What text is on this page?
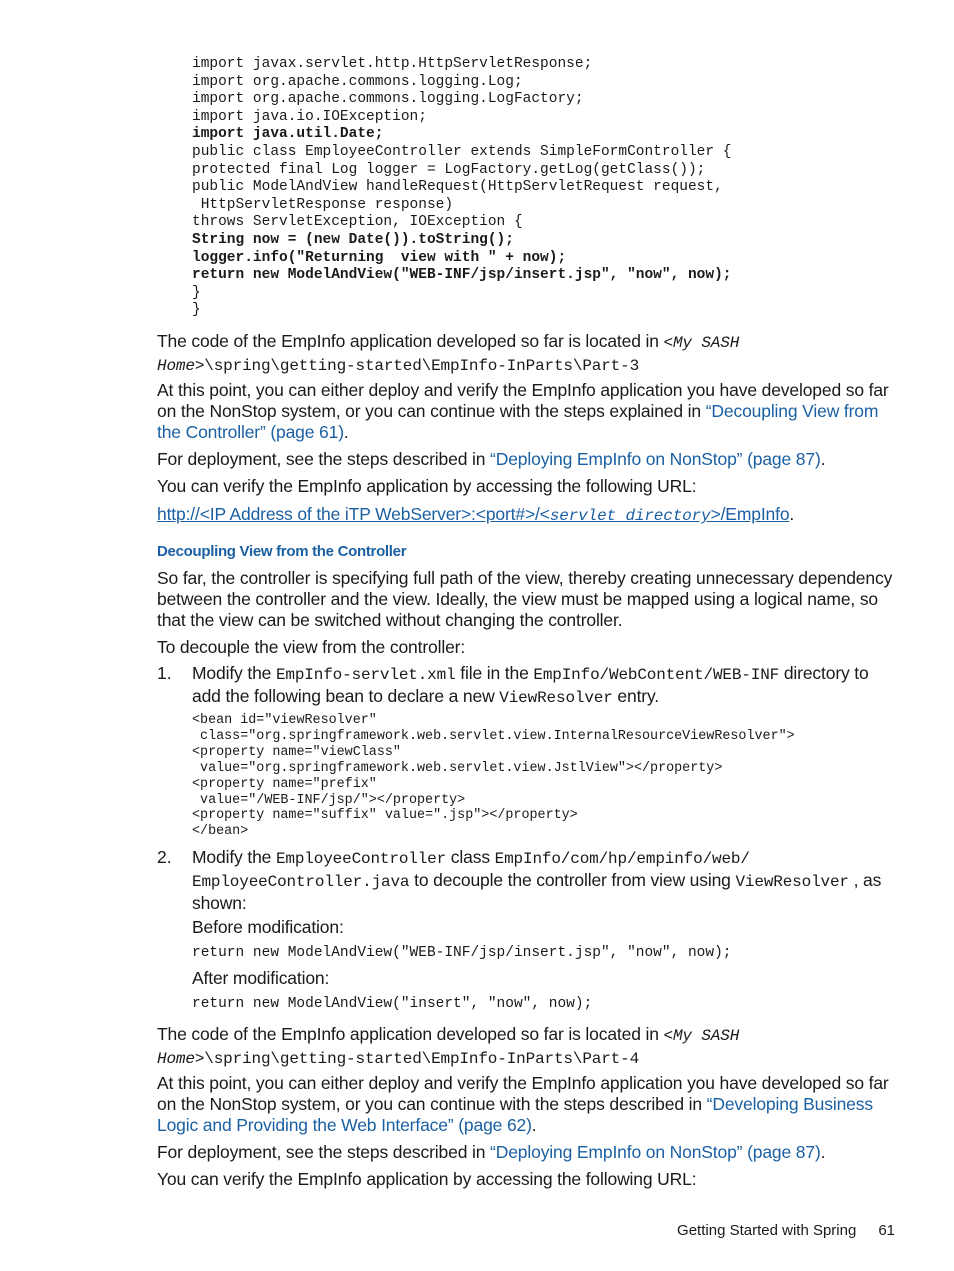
import javax.servlet.http.HttpServletResponse;
import org.apache.commons.logging.Log;
import org.apache.commons.logging.LogFactory;
import java.io.IOException;
import java.util.Date;
public class EmployeeController extends SimpleFormController {
protected final Log logger = LogFactory.getLog(getClass());
public ModelAndView handleRequest(HttpServletRequest request,
HttpServletResponse response)
throws ServletException, IOException {
String now = (new Date()).toString();
logger.info("Returning  view with " + now);
return new ModelAndView("WEB-INF/jsp/insert.jsp", "now", now);
}
}

The code of the EmpInfo application developed so far is located in <My SASH Home>\spring\getting-started\EmpInfo-InParts\Part-3

At this point, you can either deploy and verify the EmpInfo application you have developed so far on the NonStop system, or you can continue with the steps explained in “Decoupling View from the Controller” (page 61).

For deployment, see the steps described in “Deploying EmpInfo on NonStop” (page 87).

You can verify the EmpInfo application by accessing the following URL:

http://<IP Address of the iTP WebServer>:<port#>/<servlet directory>/EmpInfo.

Decoupling View from the Controller

So far, the controller is specifying full path of the view, thereby creating unnecessary dependency between the controller and the view. Ideally, the view must be mapped using a logical name, so that the view can be switched without changing the controller.

To decouple the view from the controller:

1. Modify the EmpInfo-servlet.xml file in the EmpInfo/WebContent/WEB-INF directory to add the following bean to declare a new ViewResolver entry.

<bean id="viewResolver"
class="org.springframework.web.servlet.view.InternalResourceViewResolver">
<property name="viewClass"
value="org.springframework.web.servlet.view.JstlView"></property>
<property name="prefix"
value="/WEB-INF/jsp/"></property>
<property name="suffix" value=".jsp"></property>
</bean>
2. Modify the EmployeeController class EmpInfo/com/hp/empinfo/web/ EmployeeController.java to decouple the controller from view using ViewResolver , as shown:

Before modification:

return new ModelAndView("WEB-INF/jsp/insert.jsp", "now", now);

After modification:

return new ModelAndView("insert", "now", now);

The code of the EmpInfo application developed so far is located in <My SASH Home>\spring\getting-started\EmpInfo-InParts\Part-4

At this point, you can either deploy and verify the EmpInfo application you have developed so far on the NonStop system, or you can continue with the steps described in “Developing Business Logic and Providing the Web Interface” (page 62).

For deployment, see the steps described in “Deploying EmpInfo on NonStop” (page 87).

You can verify the EmpInfo application by accessing the following URL:

Getting Started with Spring 61
